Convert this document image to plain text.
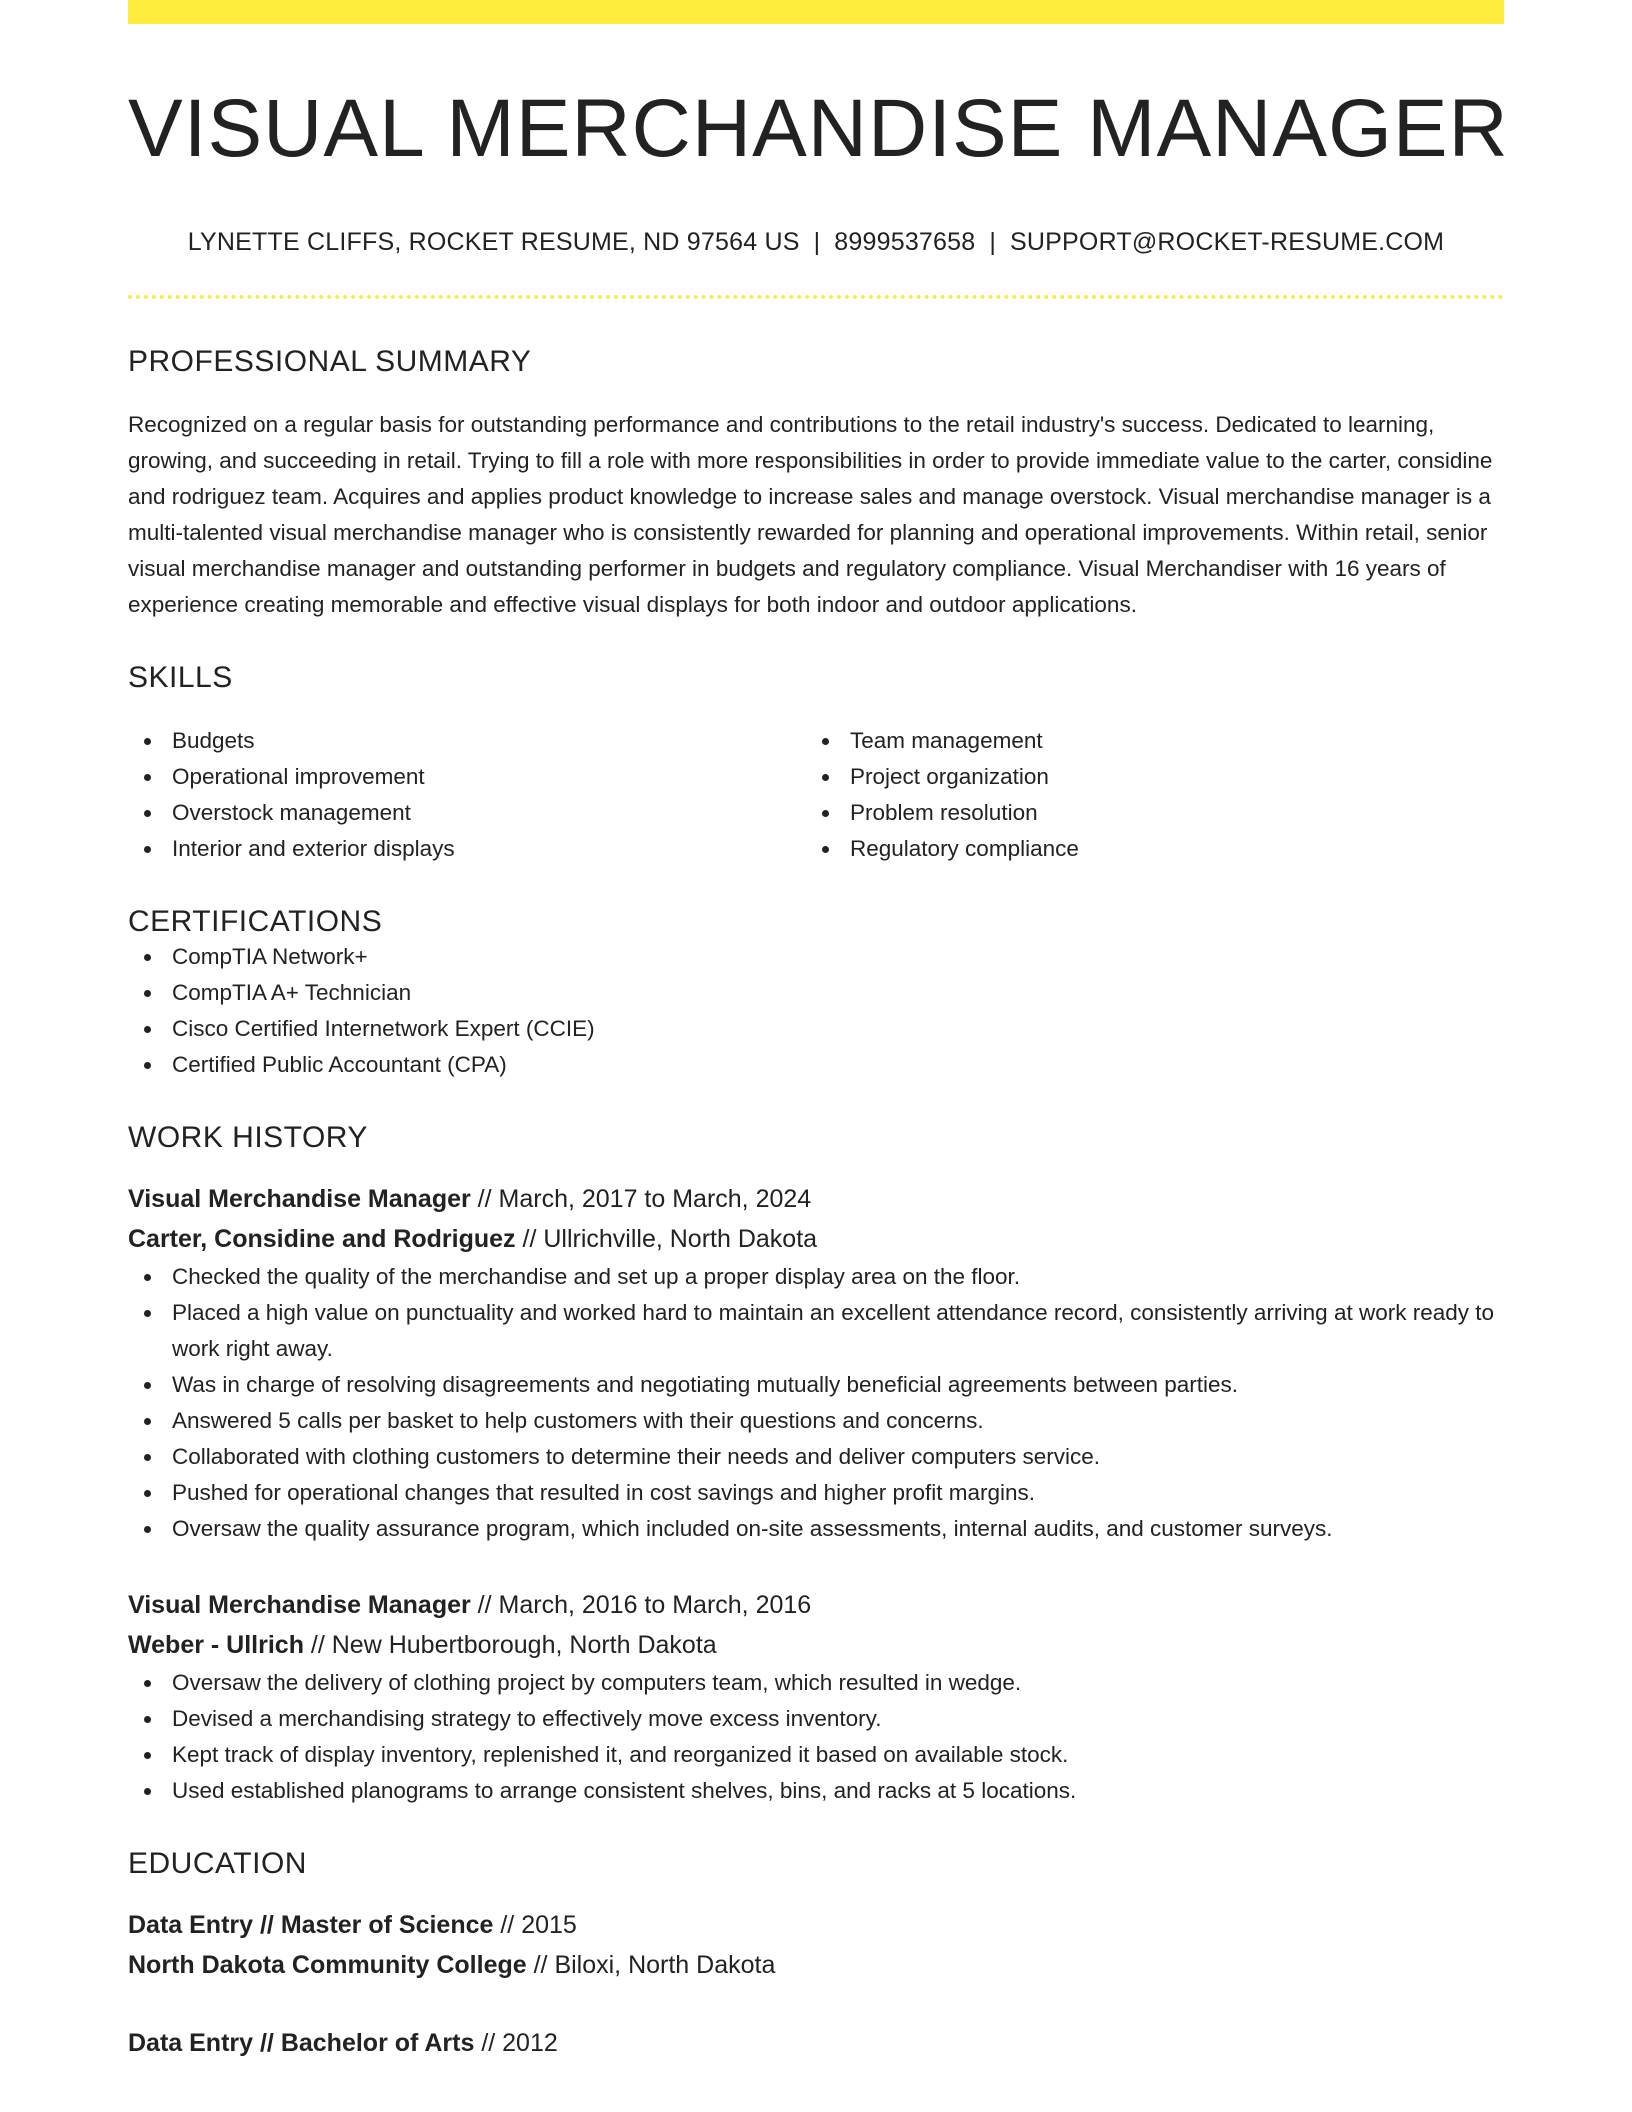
VISUAL MERCHANDISE MANAGER
LYNETTE CLIFFS, ROCKET RESUME, ND 97564 US | 8999537658 | SUPPORT@ROCKET-RESUME.COM
PROFESSIONAL SUMMARY

Recognized on a regular basis for outstanding performance and contributions to the retail industry's success. Dedicated to learning, growing, and succeeding in retail. Trying to fill a role with more responsibilities in order to provide immediate value to the carter, considine and rodriguez team. Acquires and applies product knowledge to increase sales and manage overstock. Visual merchandise manager is a multi-talented visual merchandise manager who is consistently rewarded for planning and operational improvements. Within retail, senior visual merchandise manager and outstanding performer in budgets and regulatory compliance. Visual Merchandiser with 16 years of experience creating memorable and effective visual displays for both indoor and outdoor applications.

SKILLS
Budgets
Operational improvement
Overstock management
Interior and exterior displays
Team management
Project organization
Problem resolution
Regulatory compliance
CERTIFICATIONS
CompTIA Network+
CompTIA A+ Technician
Cisco Certified Internetwork Expert (CCIE)
Certified Public Accountant (CPA)
WORK HISTORY
Visual Merchandise Manager // March, 2017 to March, 2024
Carter, Considine and Rodriguez // Ullrichville, North Dakota
Checked the quality of the merchandise and set up a proper display area on the floor.
Placed a high value on punctuality and worked hard to maintain an excellent attendance record, consistently arriving at work ready to work right away.
Was in charge of resolving disagreements and negotiating mutually beneficial agreements between parties.
Answered 5 calls per basket to help customers with their questions and concerns.
Collaborated with clothing customers to determine their needs and deliver computers service.
Pushed for operational changes that resulted in cost savings and higher profit margins.
Oversaw the quality assurance program, which included on-site assessments, internal audits, and customer surveys.
Visual Merchandise Manager // March, 2016 to March, 2016
Weber - Ullrich // New Hubertborough, North Dakota
Oversaw the delivery of clothing project by computers team, which resulted in wedge.
Devised a merchandising strategy to effectively move excess inventory.
Kept track of display inventory, replenished it, and reorganized it based on available stock.
Used established planograms to arrange consistent shelves, bins, and racks at 5 locations.
EDUCATION
Data Entry // Master of Science // 2015
North Dakota Community College // Biloxi, North Dakota
Data Entry // Bachelor of Arts // 2012
